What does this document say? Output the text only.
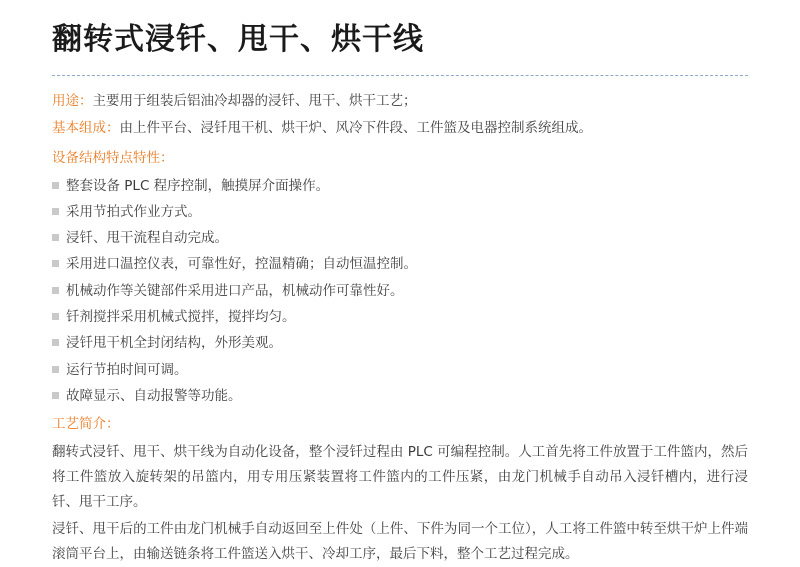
翻转式浸钎、甩干、烘干线
用途：主要用于组装后铝油冷却器的浸钎、甩干、烘干工艺；
基本组成：由上件平台、浸钎甩干机、烘干炉、风冷下件段、工件篮及电器控制系统组成。
设备结构特点特性：
整套设备 PLC 程序控制，触摸屏介面操作。
采用节拍式作业方式。
浸钎、甩干流程自动完成。
采用进口温控仪表，可靠性好，控温精确；自动恒温控制。
机械动作等关键部件采用进口产品，机械动作可靠性好。
钎剂搅拌采用机械式搅拌，搅拌均匀。
浸钎甩干机全封闭结构，外形美观。
运行节拍时间可调。
故障显示、自动报警等功能。
工艺简介：
翻转式浸钎、甩干、烘干线为自动化设备，整个浸钎过程由 PLC 可编程控制。人工首先将工件放置于工件篮内，然后将工件篮放入旋转架的吊篮内，用专用压紧装置将工件篮内的工件压紧，由龙门机械手自动吊入浸钎槽内，进行浸钎、甩干工序。
浸钎、甩干后的工件由龙门机械手自动返回至上件处（上件、下件为同一个工位），人工将工件篮中转至烘干炉上件端滚筒平台上，由输送链条将工件篮送入烘干、冷却工序，最后下料，整个工艺过程完成。
